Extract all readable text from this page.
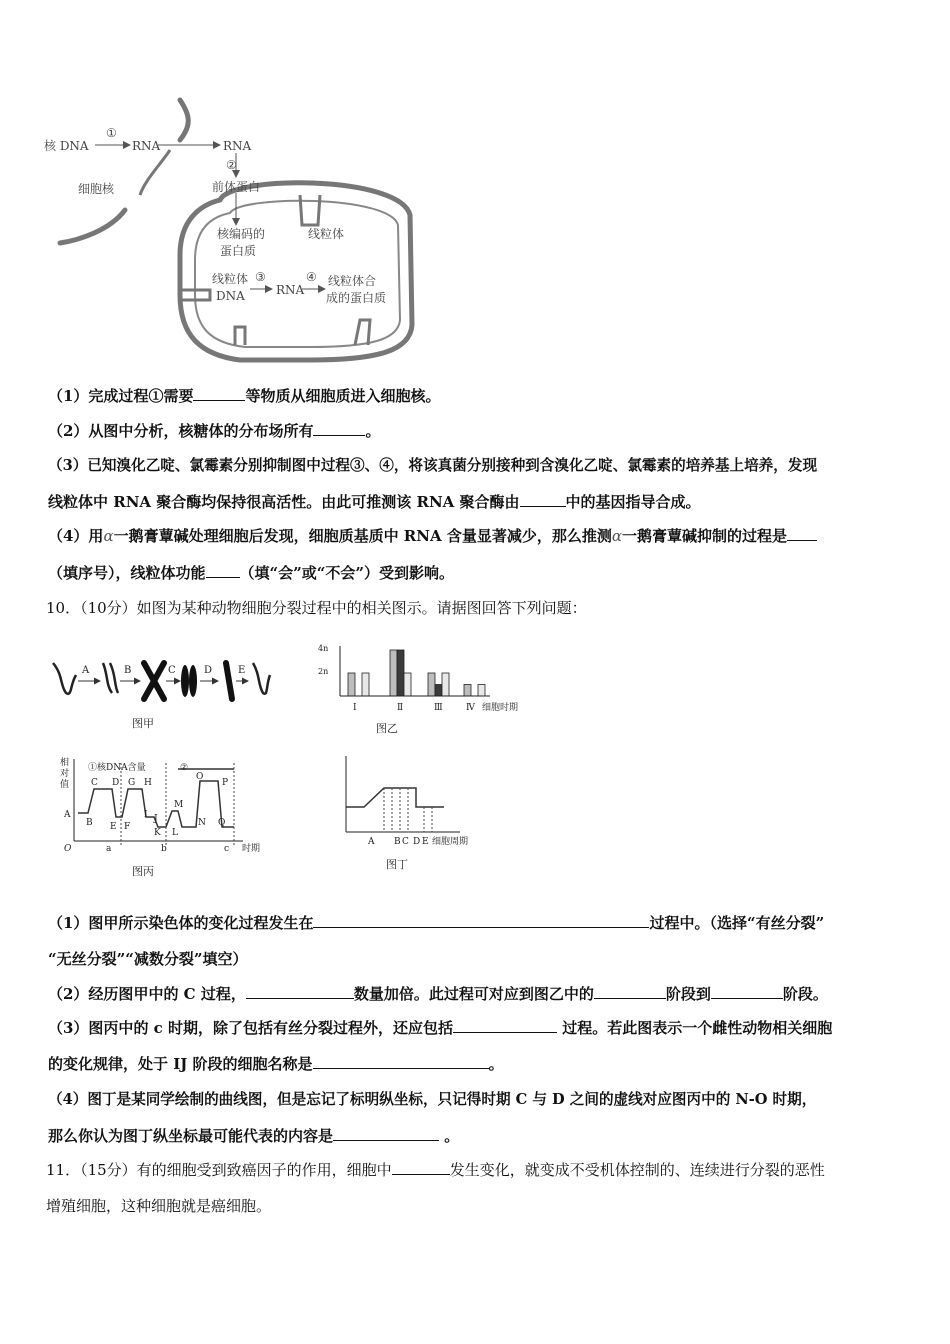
核 DNA
①
RNA	RNA
②
细胞核	前体蛋白
核编码的
蛋白质
线粒体
线粒体
DNA
③
RNA
④ 线粒体合
成的蛋白质
（1）完成过程①需要	等物质从细胞质进入细胞核。
（2）从图中分析，核糖体的分布场所有	。
（3）已知溴化乙啶、氯霉素分别抑制图中过程③、④，将该真菌分别接种到含溴化乙啶、氯霉素的培养基上培养，发现
线粒体中 RNA 聚合酶均保持很高活性。由此可推测该 RNA 聚合酶由	中的基因指导合成。
（4）用α一鹅膏蕈碱处理细胞后发现，细胞质基质中 RNA 含量显著减少，那么推测α一鹅膏蕈碱抑制的过程是
（填序号），线粒体功能 （填“会”或“不会”）受到影响。
10．（10分）如图为某种动物细胞分裂过程中的相关图示。请据图回答下列问题：
A	B	C	D	E
图甲
4n
2n
Ⅰ	Ⅱ	Ⅲ	Ⅳ 细胞时期
图乙
相
对
值
①核DNA含量	②
A
B
C D
E F
G H
I J
K L
M
N
O
P
Q
O	a	b	c 时期
图丙
A B C D E 细胞周期
图丁
（1）图甲所示染色体的变化过程发生在	过程中。（选择“有丝分裂”
“无丝分裂”“减数分裂”填空）
（2）经历图甲中的 C 过程，	数量加倍。此过程可对应到图乙中的	阶段到	阶段。
（3）图丙中的 c 时期，除了包括有丝分裂过程外，还应包括	过程。若此图表示一个雌性动物相关细胞
的变化规律，处于 IJ 阶段的细胞名称是	。
（4）图丁是某同学绘制的曲线图，但是忘记了标明纵坐标，只记得时期 C 与 D 之间的虚线对应图丙中的 N-O 时期，
那么你认为图丁纵坐标最可能代表的内容是	。
11．（15分）有的细胞受到致癌因子的作用，细胞中	发生变化，就变成不受机体控制的、连续进行分裂的恶性
增殖细胞，这种细胞就是癌细胞。
